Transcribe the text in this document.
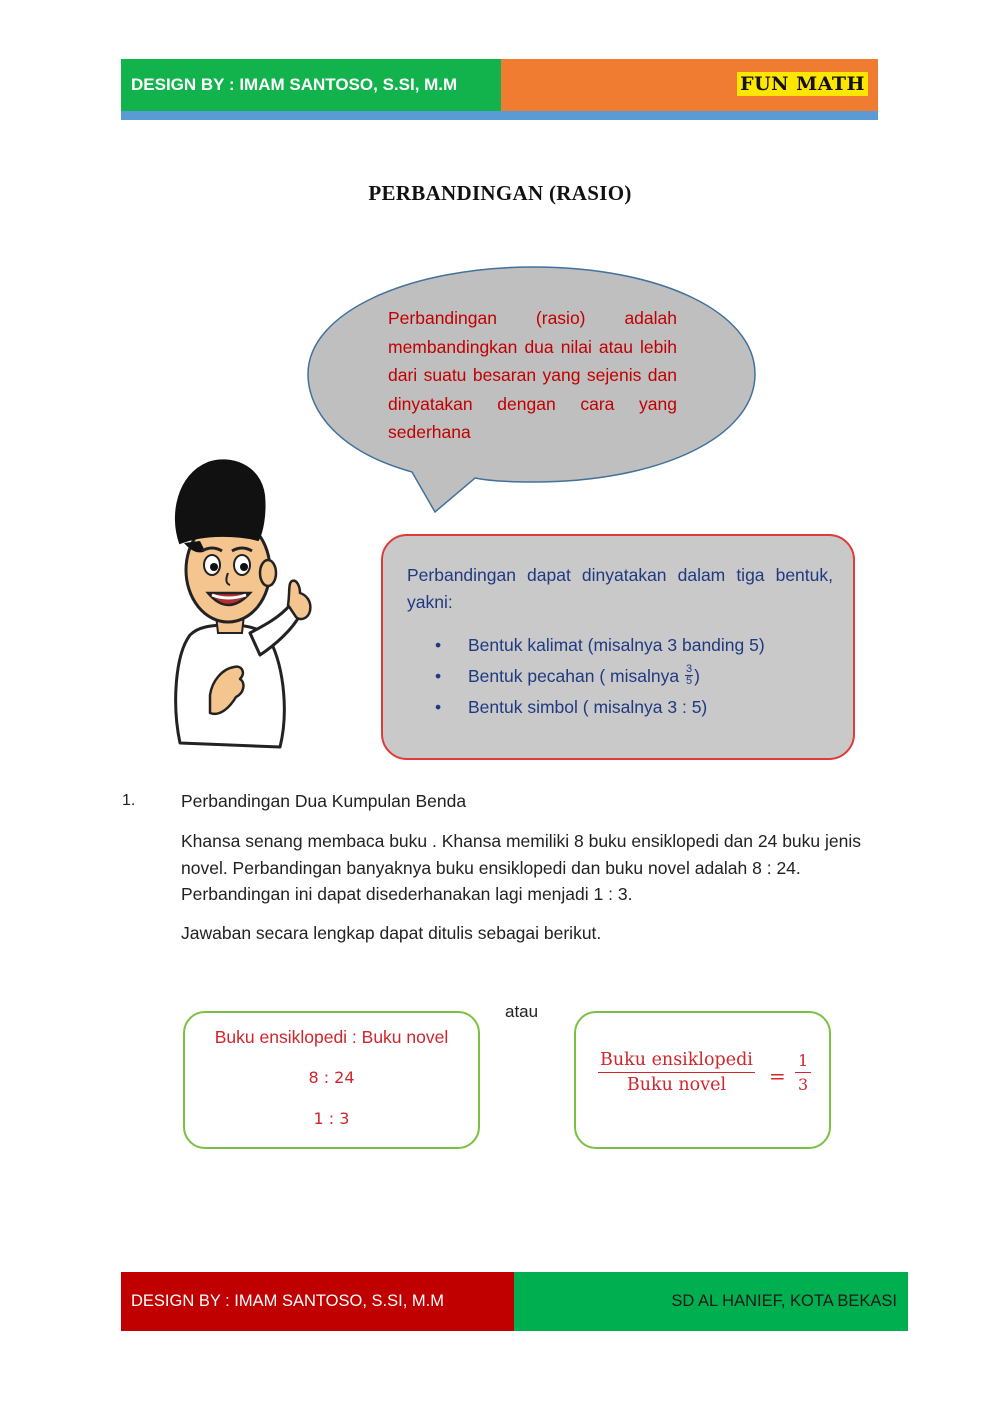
DESIGN BY : IMAM SANTOSO, S.SI, M.M	FUN MATH
PERBANDINGAN (RASIO)
Perbandingan (rasio) adalah membandingkan dua nilai atau lebih dari suatu besaran yang sejenis dan dinyatakan dengan cara yang sederhana
Perbandingan dapat dinyatakan dalam tiga bentuk, yakni:
• Bentuk kalimat (misalnya 3 banding 5)
• Bentuk pecahan ( misalnya $\frac{3}{5}$ )
• Bentuk simbol ( misalnya 3 : 5)
1.	Perbandingan Dua Kumpulan Benda
Khansa senang membaca buku . Khansa memiliki 8 buku ensiklopedi dan 24 buku jenis novel. Perbandingan banyaknya buku ensiklopedi dan buku novel adalah 8 : 24. Perbandingan ini dapat disederhanakan lagi menjadi 1 : 3.
Jawaban secara lengkap dapat ditulis sebagai berikut.
atau
Buku ensiklopedi : Buku novel
8 : 24
1 : 3
Buku ensiklopedi
Buku novel = $\frac{1}{3}$
DESIGN BY : IMAM SANTOSO, S.SI, M.M	SD AL HANIEF, KOTA BEKASI
